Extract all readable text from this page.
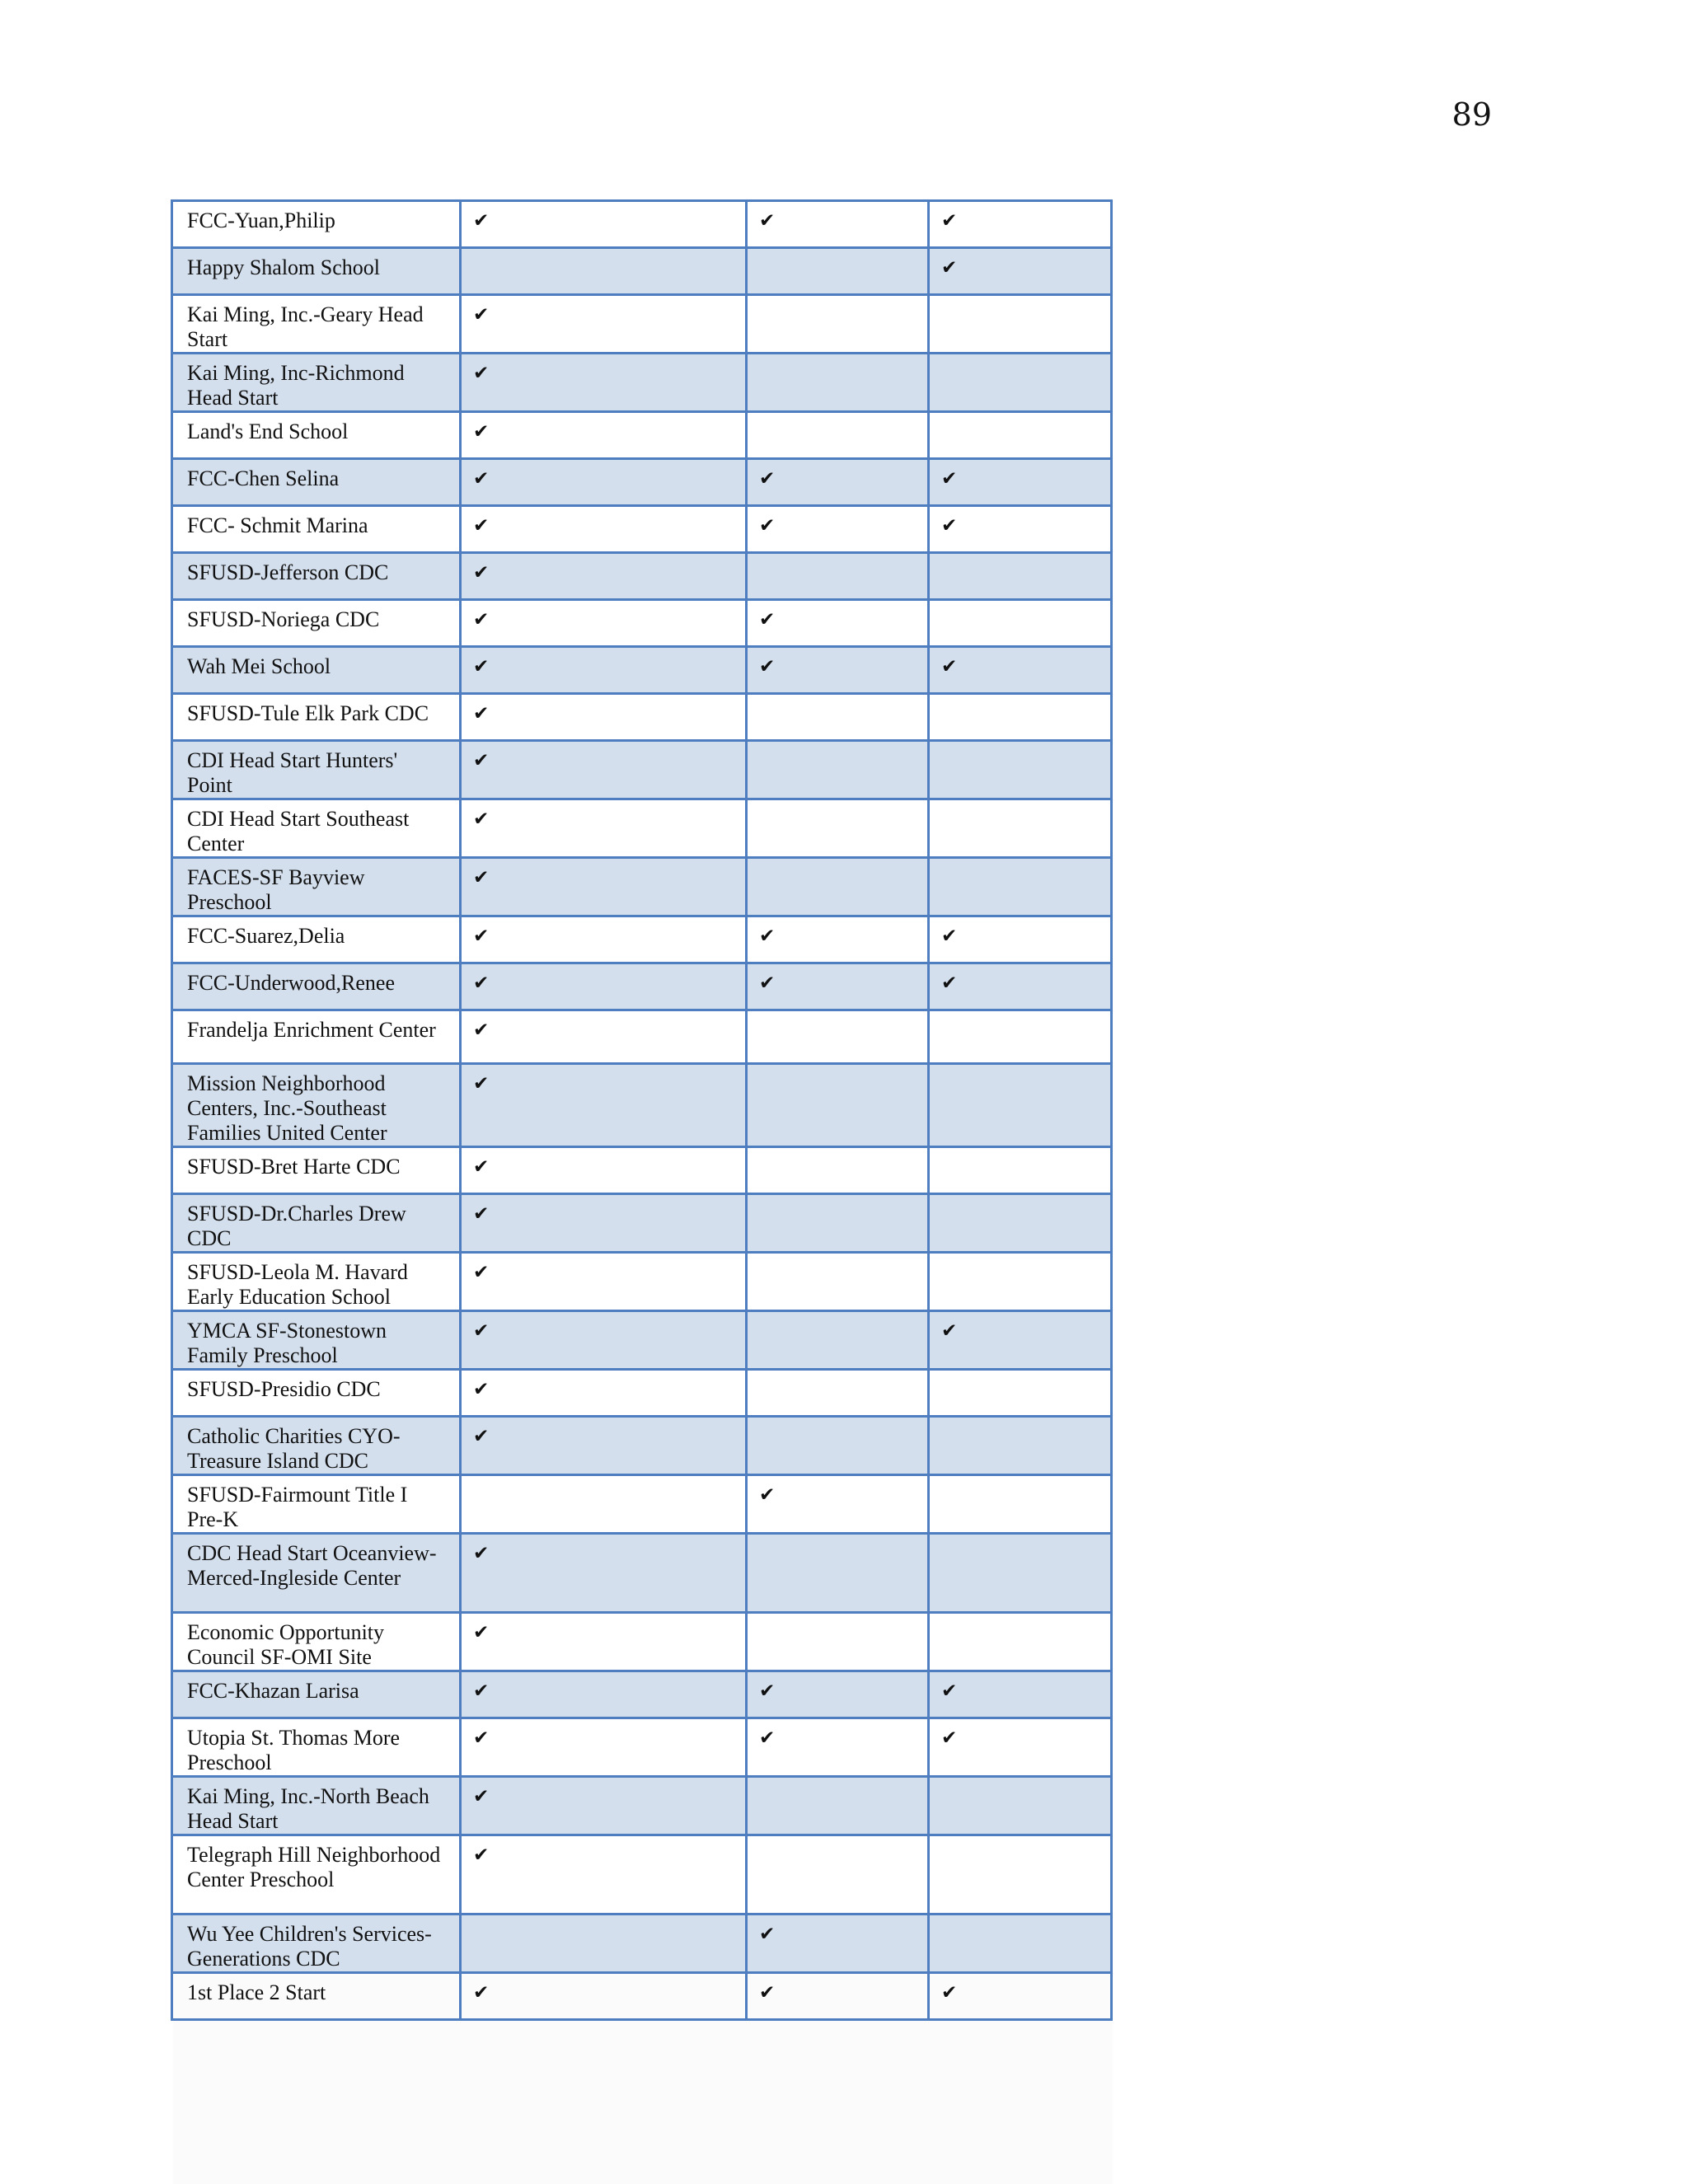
89
FCC-Yuan,Philip	✔	✔	✔
Happy Shalom School			✔
Kai Ming, Inc.-Geary Head Start	✔		
Kai Ming, Inc-Richmond Head Start	✔		
Land's End School	✔		
FCC-Chen Selina	✔	✔	✔
FCC- Schmit Marina	✔	✔	✔
SFUSD-Jefferson CDC	✔		
SFUSD-Noriega CDC	✔	✔	
Wah Mei School	✔	✔	✔
SFUSD-Tule Elk Park CDC	✔		
CDI Head Start Hunters' Point	✔		
CDI Head Start Southeast Center	✔		
FACES-SF Bayview Preschool	✔		
FCC-Suarez,Delia	✔	✔	✔
FCC-Underwood,Renee	✔	✔	✔
Frandelja Enrichment Center	✔		
Mission Neighborhood Centers, Inc.-Southeast Families United Center	✔		
SFUSD-Bret Harte CDC	✔		
SFUSD-Dr.Charles Drew CDC	✔		
SFUSD-Leola M. Havard Early Education School	✔		
YMCA SF-Stonestown Family Preschool	✔		✔
SFUSD-Presidio CDC	✔		
Catholic Charities CYO-Treasure Island CDC	✔		
SFUSD-Fairmount Title I Pre-K		✔	
CDC Head Start Oceanview-Merced-Ingleside Center	✔		
Economic Opportunity Council SF-OMI Site	✔		
FCC-Khazan Larisa	✔	✔	✔
Utopia St. Thomas More Preschool	✔	✔	✔
Kai Ming, Inc.-North Beach Head Start	✔		
Telegraph Hill Neighborhood Center Preschool	✔		
Wu Yee Children's Services-Generations CDC		✔	
1st Place 2 Start	✔	✔	✔
